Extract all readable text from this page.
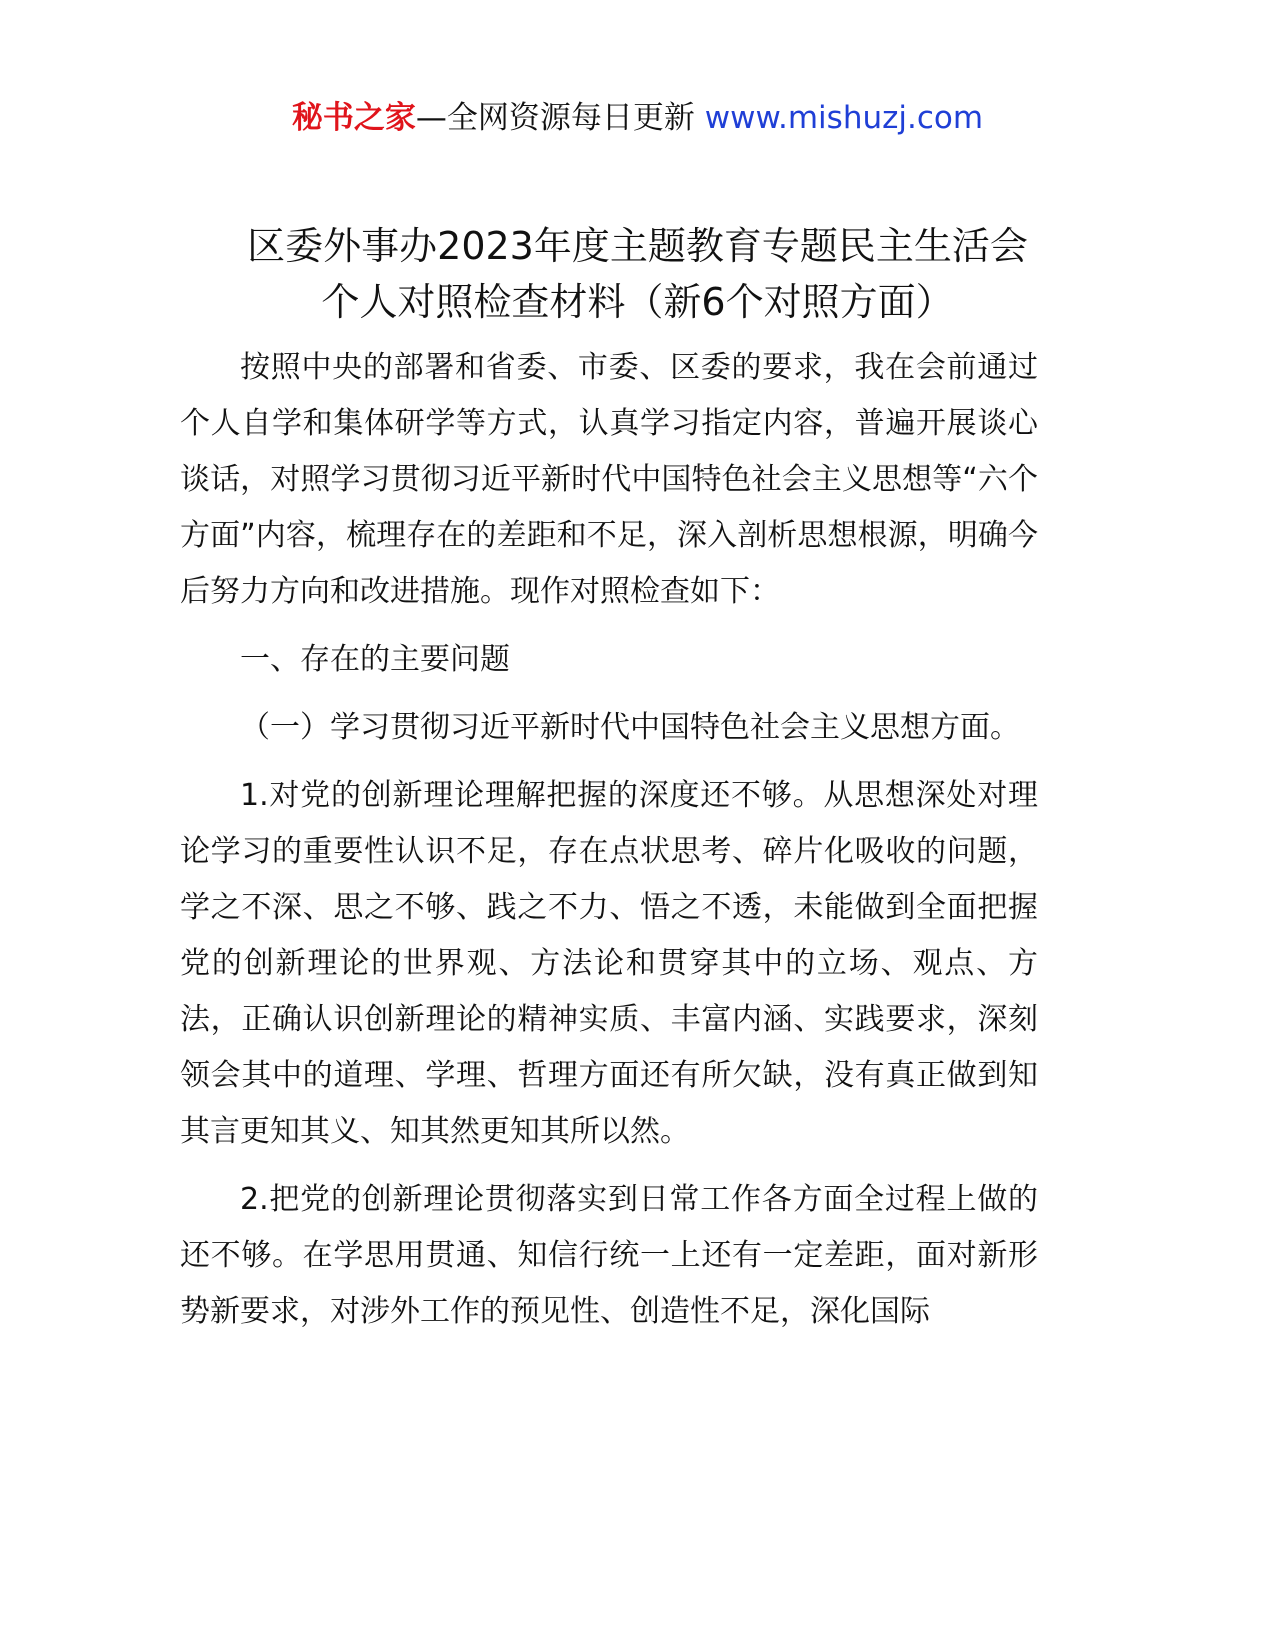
秘书之家—全网资源每日更新 www.mishuzj.com
区委外事办2023年度主题教育专题民主生活会
个人对照检查材料（新6个对照方面）

按照中央的部署和省委、市委、区委的要求，我在会前通过个人自学和集体研学等方式，认真学习指定内容，普遍开展谈心谈话，对照学习贯彻习近平新时代中国特色社会主义思想等“六个方面”内容，梳理存在的差距和不足，深入剖析思想根源，明确今后努力方向和改进措施。现作对照检查如下：

一、存在的主要问题

（一）学习贯彻习近平新时代中国特色社会主义思想方面。

1.对党的创新理论理解把握的深度还不够。从思想深处对理论学习的重要性认识不足，存在点状思考、碎片化吸收的问题，学之不深、思之不够、践之不力、悟之不透，未能做到全面把握党的创新理论的世界观、方法论和贯穿其中的立场、观点、方法，正确认识创新理论的精神实质、丰富内涵、实践要求，深刻领会其中的道理、学理、哲理方面还有所欠缺，没有真正做到知其言更知其义、知其然更知其所以然。

2.把党的创新理论贯彻落实到日常工作各方面全过程上做的还不够。在学思用贯通、知信行统一上还有一定差距，面对新形势新要求，对涉外工作的预见性、创造性不足，深化国际
